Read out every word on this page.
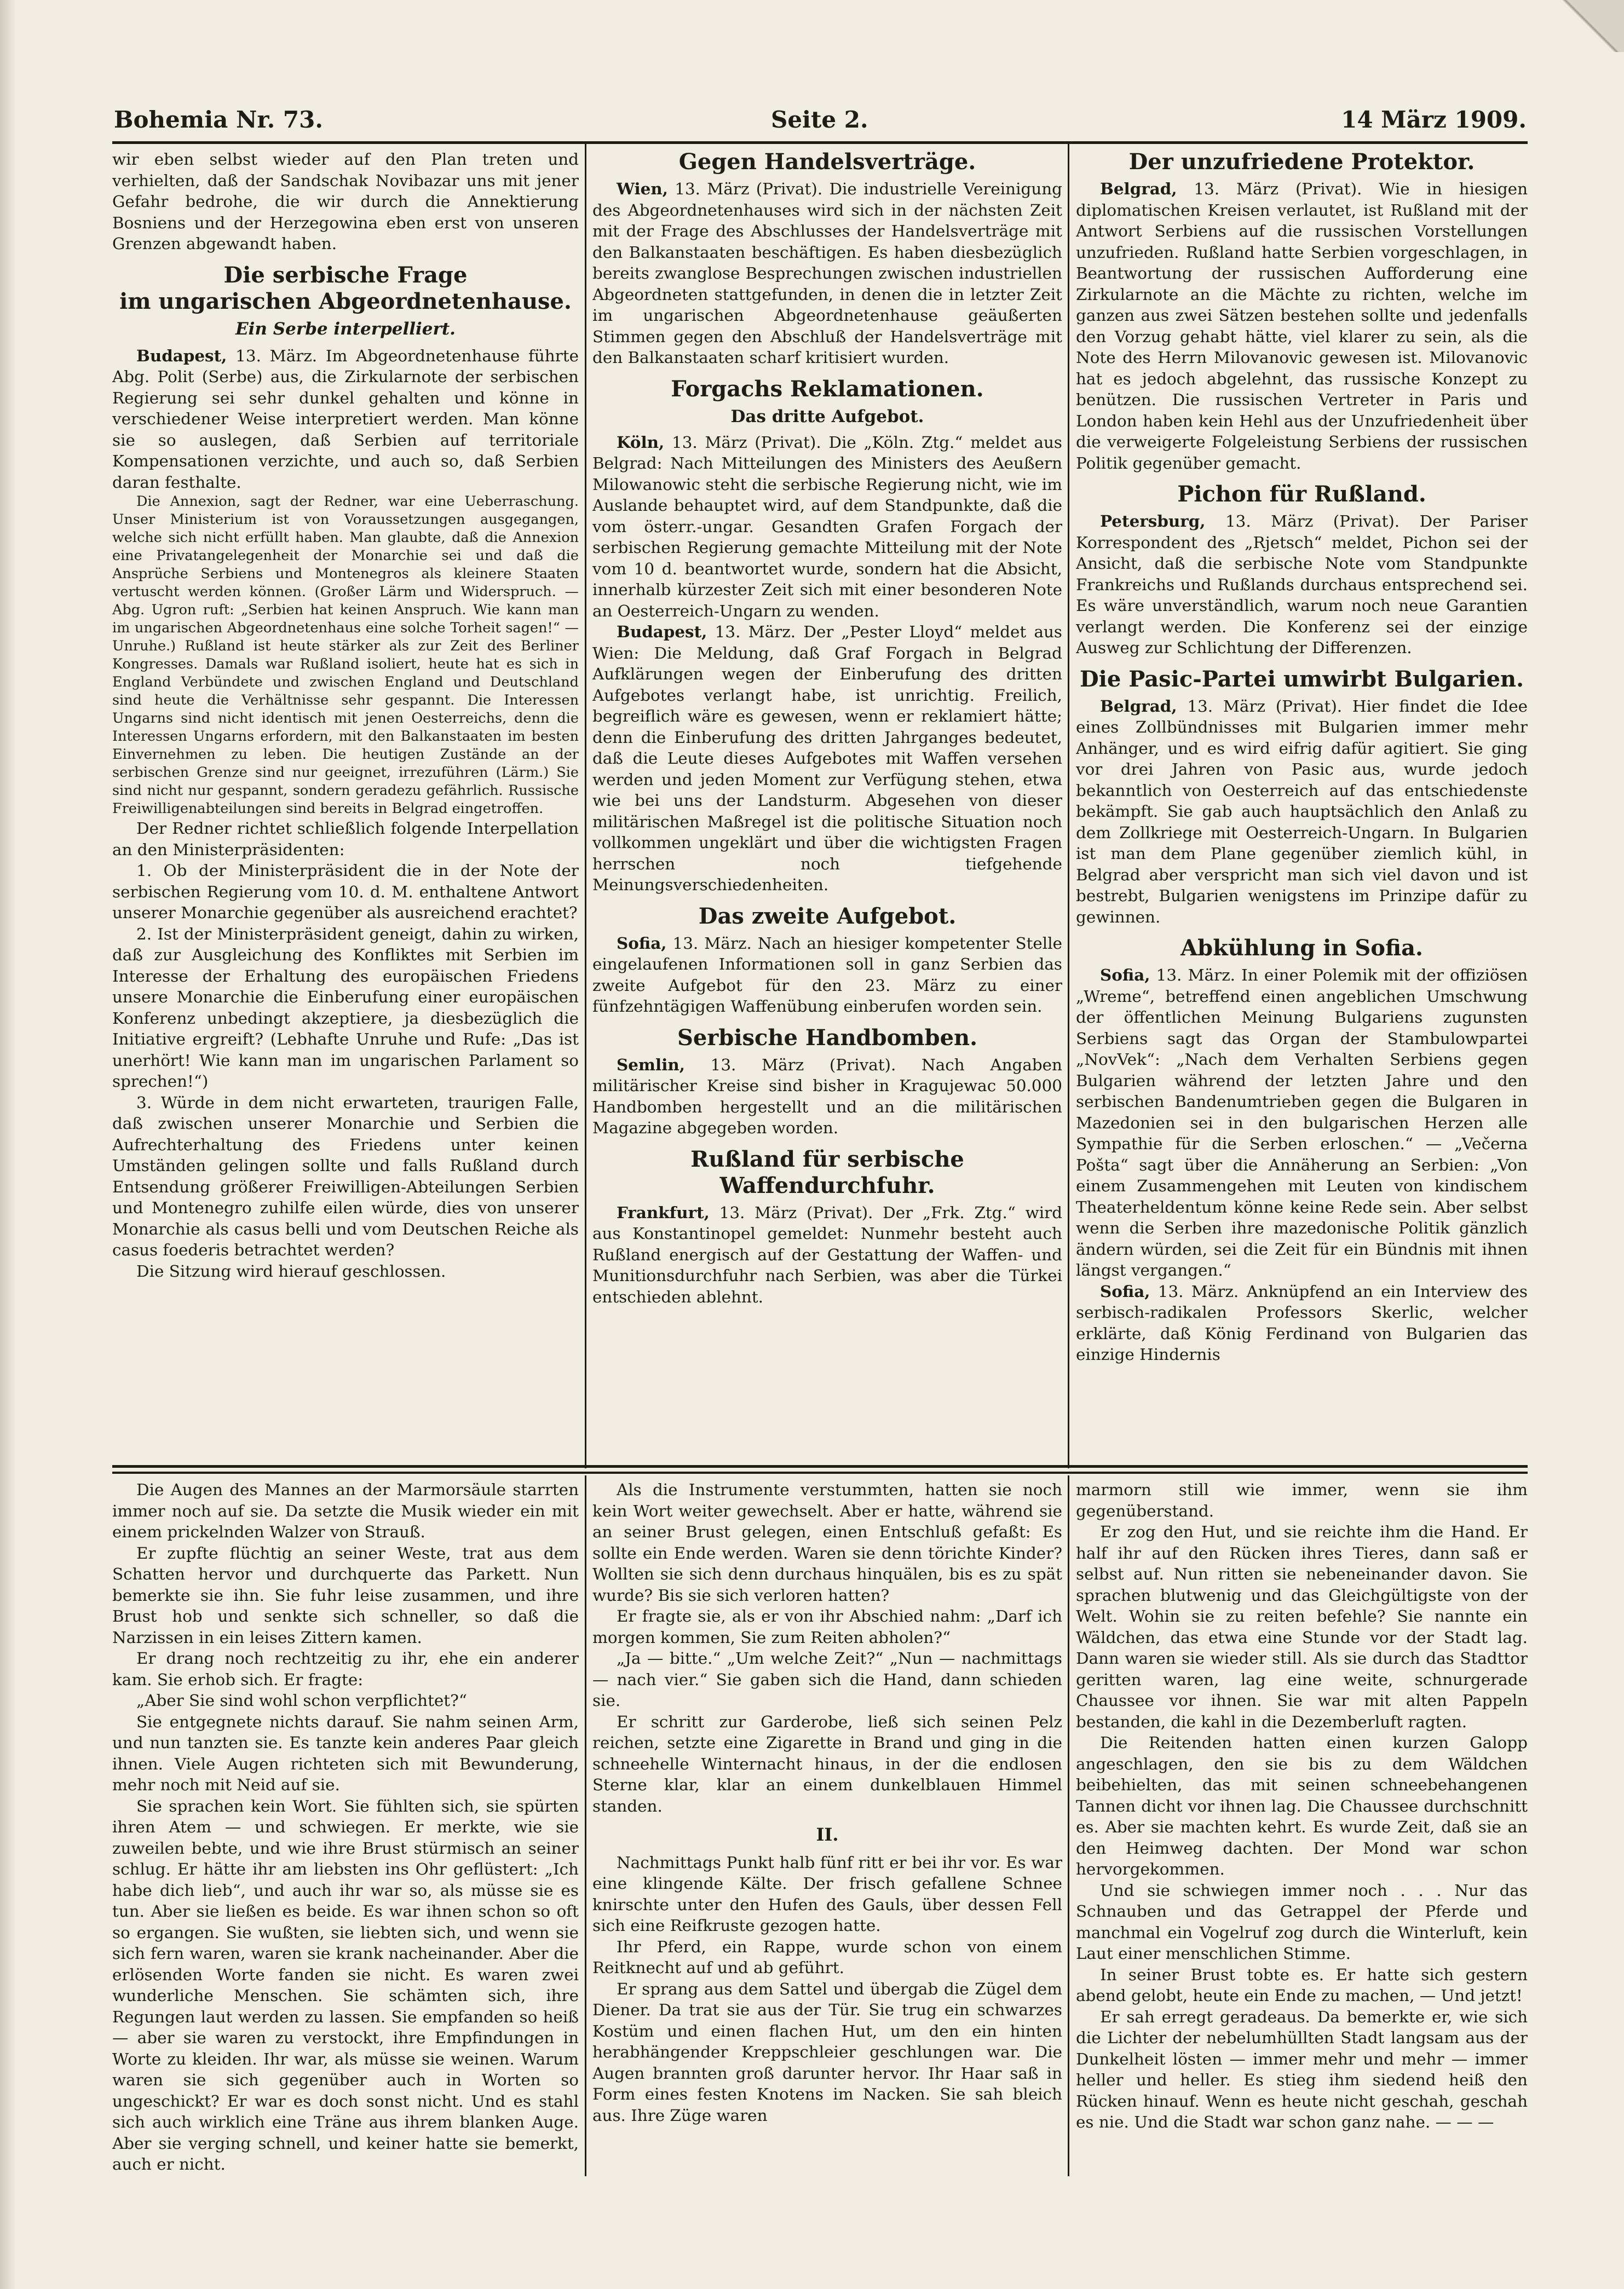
Bohemia Nr. 73.	Seite 2.	14 März 1909.

wir eben selbst wieder auf den Plan treten und verhielten, daß der Sandschak Novibazar uns mit jener Gefahr bedrohe, die wir durch die Annektierung Bosniens und der Herzegowina eben erst von unseren Grenzen abgewandt haben.

Die serbische Frage
im ungarischen Abgeordnetenhause.
Ein Serbe interpelliert.

Budapest, 13. März. Im Abgeordnetenhause führte Abg. Polit (Serbe) aus, die Zirkularnote der serbischen Regierung sei sehr dunkel gehalten und könne in verschiedener Weise interpretiert werden. Man könne sie so auslegen, daß Serbien auf territoriale Kompensationen verzichte, und auch so, daß Serbien daran festhalte.

Die Annexion, sagt der Redner, war eine Ueberraschung. Unser Ministerium ist von Voraussetzungen ausgegangen, welche sich nicht erfüllt haben. Man glaubte, daß die Annexion eine Privatangelegenheit der Monarchie sei und daß die Ansprüche Serbiens und Montenegros als kleinere Staaten vertuscht werden können. (Großer Lärm und Widerspruch. — Abg. Ugron ruft: „Serbien hat keinen Anspruch. Wie kann man im ungarischen Abgeordnetenhaus eine solche Torheit sagen!“ — Unruhe.) Rußland ist heute stärker als zur Zeit des Berliner Kongresses. Damals war Rußland isoliert, heute hat es sich in England Verbündete und zwischen England und Deutschland sind heute die Verhältnisse sehr gespannt. Die Interessen Ungarns sind nicht identisch mit jenen Oesterreichs, denn die Interessen Ungarns erfordern, mit den Balkanstaaten im besten Einvernehmen zu leben. Die heutigen Zustände an der serbischen Grenze sind nur geeignet, irrezuführen (Lärm.) Sie sind nicht nur gespannt, sondern geradezu gefährlich. Russische Freiwilligenabteilungen sind bereits in Belgrad eingetroffen.

Der Redner richtet schließlich folgende Interpellation an den Ministerpräsidenten:

1. Ob der Ministerpräsident die in der Note der serbischen Regierung vom 10. d. M. enthaltene Antwort unserer Monarchie gegenüber als ausreichend erachtet?

2. Ist der Ministerpräsident geneigt, dahin zu wirken, daß zur Ausgleichung des Konfliktes mit Serbien im Interesse der Erhaltung des europäischen Friedens unsere Monarchie die Einberufung einer europäischen Konferenz unbedingt akzeptiere, ja diesbezüglich die Initiative ergreift? (Lebhafte Unruhe und Rufe: „Das ist unerhört! Wie kann man im ungarischen Parlament so sprechen!“)

3. Würde in dem nicht erwarteten, traurigen Falle, daß zwischen unserer Monarchie und Serbien die Aufrechterhaltung des Friedens unter keinen Umständen gelingen sollte und falls Rußland durch Entsendung größerer Freiwilligen-Abteilungen Serbien und Montenegro zuhilfe eilen würde, dies von unserer Monarchie als casus belli und vom Deutschen Reiche als casus foederis betrachtet werden?

Die Sitzung wird hierauf geschlossen.

Gegen Handelsverträge.

Wien, 13. März (Privat). Die industrielle Vereinigung des Abgeordnetenhauses wird sich in der nächsten Zeit mit der Frage des Abschlusses der Handelsverträge mit den Balkanstaaten beschäftigen. Es haben diesbezüglich bereits zwanglose Besprechungen zwischen industriellen Abgeordneten stattgefunden, in denen die in letzter Zeit im ungarischen Abgeordnetenhause geäußerten Stimmen gegen den Abschluß der Handelsverträge mit den Balkanstaaten scharf kritisiert wurden.

Forgachs Reklamationen.
Das dritte Aufgebot.

Köln, 13. März (Privat). Die „Köln. Ztg.“ meldet aus Belgrad: Nach Mitteilungen des Ministers des Aeußern Milowanowic steht die serbische Regierung nicht, wie im Auslande behauptet wird, auf dem Standpunkte, daß die vom österr.-ungar. Gesandten Grafen Forgach der serbischen Regierung gemachte Mitteilung mit der Note vom 10 d. beantwortet wurde, sondern hat die Absicht, innerhalb kürzester Zeit sich mit einer besonderen Note an Oesterreich-Ungarn zu wenden.

Budapest, 13. März. Der „Pester Lloyd“ meldet aus Wien: Die Meldung, daß Graf Forgach in Belgrad Aufklärungen wegen der Einberufung des dritten Aufgebotes verlangt habe, ist unrichtig. Freilich, begreiflich wäre es gewesen, wenn er reklamiert hätte; denn die Einberufung des dritten Jahrganges bedeutet, daß die Leute dieses Aufgebotes mit Waffen versehen werden und jeden Moment zur Verfügung stehen, etwa wie bei uns der Landsturm. Abgesehen von dieser militärischen Maßregel ist die politische Situation noch vollkommen ungeklärt und über die wichtigsten Fragen herrschen noch tiefgehende Meinungsverschiedenheiten.

Das zweite Aufgebot.

Sofia, 13. März. Nach an hiesiger kompetenter Stelle eingelaufenen Informationen soll in ganz Serbien das zweite Aufgebot für den 23. März zu einer fünfzehntägigen Waffenübung einberufen worden sein.

Serbische Handbomben.

Semlin, 13. März (Privat). Nach Angaben militärischer Kreise sind bisher in Kragujewac 50.000 Handbomben hergestellt und an die militärischen Magazine abgegeben worden.

Rußland für serbische Waffendurchfuhr.

Frankfurt, 13. März (Privat). Der „Frk. Ztg.“ wird aus Konstantinopel gemeldet: Nunmehr besteht auch Rußland energisch auf der Gestattung der Waffen- und Munitionsdurchfuhr nach Serbien, was aber die Türkei entschieden ablehnt.

Der unzufriedene Protektor.

Belgrad, 13. März (Privat). Wie in hiesigen diplomatischen Kreisen verlautet, ist Rußland mit der Antwort Serbiens auf die russischen Vorstellungen unzufrieden. Rußland hatte Serbien vorgeschlagen, in Beantwortung der russischen Aufforderung eine Zirkularnote an die Mächte zu richten, welche im ganzen aus zwei Sätzen bestehen sollte und jedenfalls den Vorzug gehabt hätte, viel klarer zu sein, als die Note des Herrn Milovanovic gewesen ist. Milovanovic hat es jedoch abgelehnt, das russische Konzept zu benützen. Die russischen Vertreter in Paris und London haben kein Hehl aus der Unzufriedenheit über die verweigerte Folgeleistung Serbiens der russischen Politik gegenüber gemacht.

Pichon für Rußland.

Petersburg, 13. März (Privat). Der Pariser Korrespondent des „Rjetsch“ meldet, Pichon sei der Ansicht, daß die serbische Note vom Standpunkte Frankreichs und Rußlands durchaus entsprechend sei. Es wäre unverständlich, warum noch neue Garantien verlangt werden. Die Konferenz sei der einzige Ausweg zur Schlichtung der Differenzen.

Die Pasic-Partei umwirbt Bulgarien.

Belgrad, 13. März (Privat). Hier findet die Idee eines Zollbündnisses mit Bulgarien immer mehr Anhänger, und es wird eifrig dafür agitiert. Sie ging vor drei Jahren von Pasic aus, wurde jedoch bekanntlich von Oesterreich auf das entschiedenste bekämpft. Sie gab auch hauptsächlich den Anlaß zu dem Zollkriege mit Oesterreich-Ungarn. In Bulgarien ist man dem Plane gegenüber ziemlich kühl, in Belgrad aber verspricht man sich viel davon und ist bestrebt, Bulgarien wenigstens im Prinzipe dafür zu gewinnen.

Abkühlung in Sofia.

Sofia, 13. März. In einer Polemik mit der offiziösen „Wreme“, betreffend einen angeblichen Umschwung der öffentlichen Meinung Bulgariens zugunsten Serbiens sagt das Organ der Stambulowpartei „NovVek“: „Nach dem Verhalten Serbiens gegen Bulgarien während der letzten Jahre und den serbischen Bandenumtrieben gegen die Bulgaren in Mazedonien sei in den bulgarischen Herzen alle Sympathie für die Serben erloschen.“ — „Večerna Pošta“ sagt über die Annäherung an Serbien: „Von einem Zusammengehen mit Leuten von kindischem Theaterheldentum könne keine Rede sein. Aber selbst wenn die Serben ihre mazedonische Politik gänzlich ändern würden, sei die Zeit für ein Bündnis mit ihnen längst vergangen.“

Sofia, 13. März. Anknüpfend an ein Interview des serbisch-radikalen Professors Skerlic, welcher erklärte, daß König Ferdinand von Bulgarien das einzige Hindernis

Die Augen des Mannes an der Marmorsäule starrten immer noch auf sie. Da setzte die Musik wieder ein mit einem prickelnden Walzer von Strauß.

Er zupfte flüchtig an seiner Weste, trat aus dem Schatten hervor und durchquerte das Parkett. Nun bemerkte sie ihn. Sie fuhr leise zusammen, und ihre Brust hob und senkte sich schneller, so daß die Narzissen in ein leises Zittern kamen.

Er drang noch rechtzeitig zu ihr, ehe ein anderer kam. Sie erhob sich. Er fragte:

„Aber Sie sind wohl schon verpflichtet?“

Sie entgegnete nichts darauf. Sie nahm seinen Arm, und nun tanzten sie. Es tanzte kein anderes Paar gleich ihnen. Viele Augen richteten sich mit Bewunderung, mehr noch mit Neid auf sie.

Sie sprachen kein Wort. Sie fühlten sich, sie spürten ihren Atem — und schwiegen. Er merkte, wie sie zuweilen bebte, und wie ihre Brust stürmisch an seiner schlug. Er hätte ihr am liebsten ins Ohr geflüstert: „Ich habe dich lieb“, und auch ihr war so, als müsse sie es tun. Aber sie ließen es beide. Es war ihnen schon so oft so ergangen. Sie wußten, sie liebten sich, und wenn sie sich fern waren, waren sie krank nacheinander. Aber die erlösenden Worte fanden sie nicht. Es waren zwei wunderliche Menschen. Sie schämten sich, ihre Regungen laut werden zu lassen. Sie empfanden so heiß — aber sie waren zu verstockt, ihre Empfindungen in Worte zu kleiden. Ihr war, als müsse sie weinen. Warum waren sie sich gegenüber auch in Worten so ungeschickt? Er war es doch sonst nicht. Und es stahl sich auch wirklich eine Träne aus ihrem blanken Auge. Aber sie verging schnell, und keiner hatte sie bemerkt, auch er nicht.

Als die Instrumente verstummten, hatten sie noch kein Wort weiter gewechselt. Aber er hatte, während sie an seiner Brust gelegen, einen Entschluß gefaßt: Es sollte ein Ende werden. Waren sie denn törichte Kinder? Wollten sie sich denn durchaus hinquälen, bis es zu spät wurde? Bis sie sich verloren hatten?

Er fragte sie, als er von ihr Abschied nahm: „Darf ich morgen kommen, Sie zum Reiten abholen?“

„Ja — bitte.“ „Um welche Zeit?“ „Nun — nachmittags — nach vier.“ Sie gaben sich die Hand, dann schieden sie.

Er schritt zur Garderobe, ließ sich seinen Pelz reichen, setzte eine Zigarette in Brand und ging in die schneehelle Winternacht hinaus, in der die endlosen Sterne klar, klar an einem dunkelblauen Himmel standen.

II.

Nachmittags Punkt halb fünf ritt er bei ihr vor. Es war eine klingende Kälte. Der frisch gefallene Schnee knirschte unter den Hufen des Gauls, über dessen Fell sich eine Reifkruste gezogen hatte.

Ihr Pferd, ein Rappe, wurde schon von einem Reitknecht auf und ab geführt.

Er sprang aus dem Sattel und übergab die Zügel dem Diener. Da trat sie aus der Tür. Sie trug ein schwarzes Kostüm und einen flachen Hut, um den ein hinten herabhängender Kreppschleier geschlungen war. Die Augen brannten groß darunter hervor. Ihr Haar saß in Form eines festen Knotens im Nacken. Sie sah bleich aus. Ihre Züge waren

marmorn still wie immer, wenn sie ihm gegenüberstand.

Er zog den Hut, und sie reichte ihm die Hand. Er half ihr auf den Rücken ihres Tieres, dann saß er selbst auf. Nun ritten sie nebeneinander davon. Sie sprachen blutwenig und das Gleichgültigste von der Welt. Wohin sie zu reiten befehle? Sie nannte ein Wäldchen, das etwa eine Stunde vor der Stadt lag. Dann waren sie wieder still. Als sie durch das Stadttor geritten waren, lag eine weite, schnurgerade Chaussee vor ihnen. Sie war mit alten Pappeln bestanden, die kahl in die Dezemberluft ragten.

Die Reitenden hatten einen kurzen Galopp angeschlagen, den sie bis zu dem Wäldchen beibehielten, das mit seinen schneebehangenen Tannen dicht vor ihnen lag. Die Chaussee durchschnitt es. Aber sie machten kehrt. Es wurde Zeit, daß sie an den Heimweg dachten. Der Mond war schon hervorgekommen.

Und sie schwiegen immer noch . . . Nur das Schnauben und das Getrappel der Pferde und manchmal ein Vogelruf zog durch die Winterluft, kein Laut einer menschlichen Stimme.

In seiner Brust tobte es. Er hatte sich gestern abend gelobt, heute ein Ende zu machen, — Und jetzt!

Er sah erregt geradeaus. Da bemerkte er, wie sich die Lichter der nebelumhüllten Stadt langsam aus der Dunkelheit lösten — immer mehr und mehr — immer heller und heller. Es stieg ihm siedend heiß den Rücken hinauf. Wenn es heute nicht geschah, geschah es nie. Und die Stadt war schon ganz nahe. — — —
